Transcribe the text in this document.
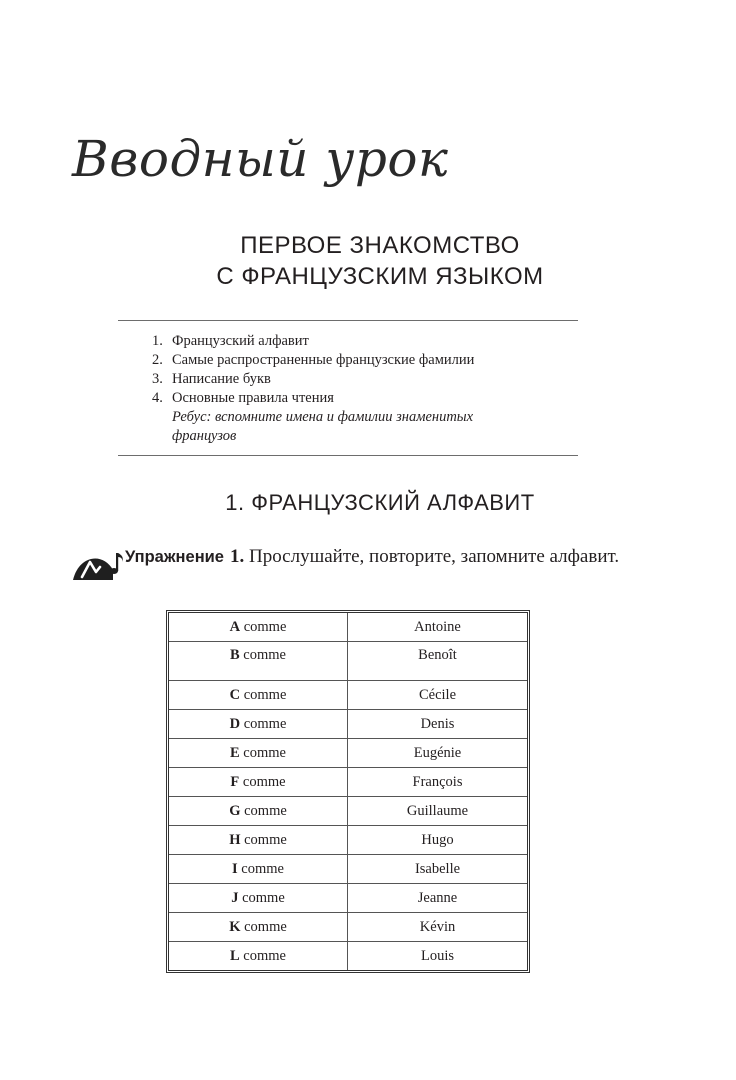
Вводный урок
ПЕРВОЕ ЗНАКОМСТВО
С ФРАНЦУЗСКИМ ЯЗЫКОМ
1. Французский алфавит
2. Самые распространенные французские фамилии
3. Написание букв
4. Основные правила чтения
Ребус: вспомните имена и фамилии знаменитых
французов
1. ФРАНЦУЗСКИЙ АЛФАВИТ

Упражнение 1. Прослушайте, повторите, запомните алфавит.

A comme	Antoine
B comme	Benoît
C comme	Cécile
D comme	Denis
E comme	Eugénie
F comme	François
G comme	Guillaume
H comme	Hugo
I comme	Isabelle
J comme	Jeanne
K comme	Kévin
L comme	Louis
